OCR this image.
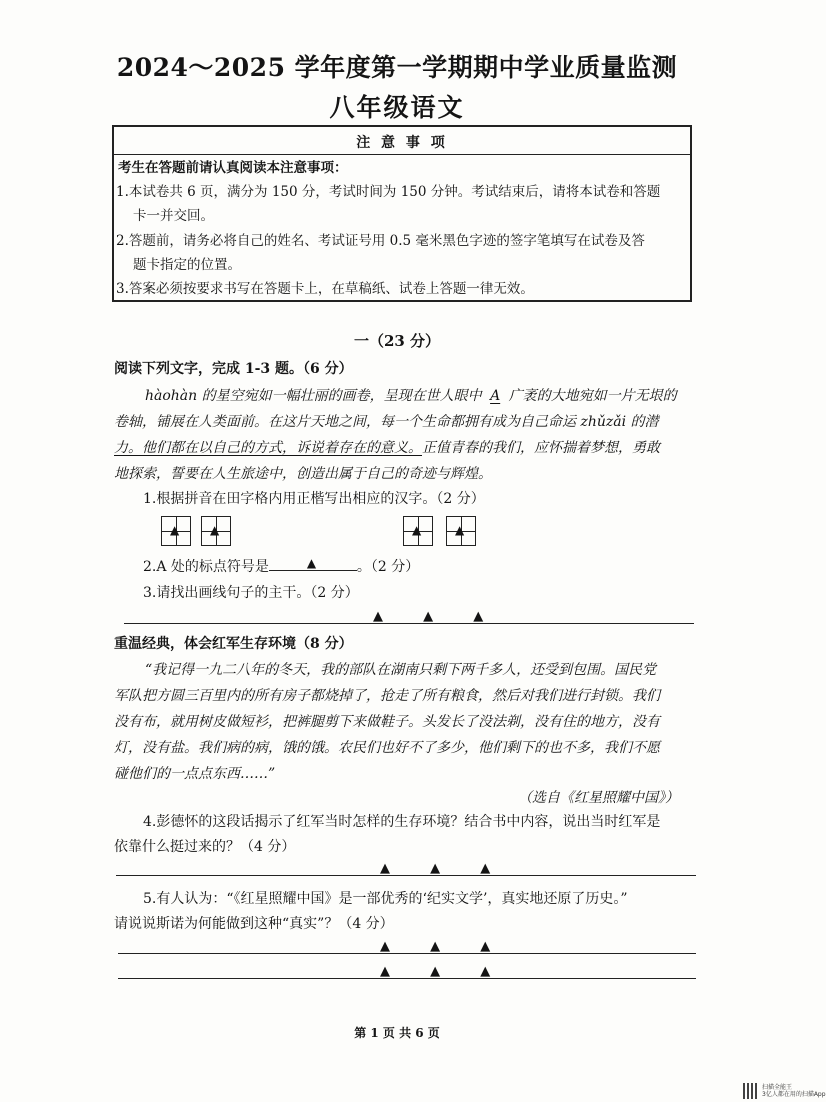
2024～2025 学年度第一学期期中学业质量监测
八年级语文
注 意 事 项
考生在答题前请认真阅读本注意事项：
1.本试卷共 6 页，满分为 150 分，考试时间为 150 分钟。考试结束后，请将本试卷和答题
卡一并交回。
2.答题前，请务必将自己的姓名、考试证号用 0.5 毫米黑色字迹的签字笔填写在试卷及答
题卡指定的位置。
3.答案必须按要求书写在答题卡上，在草稿纸、试卷上答题一律无效。
一（23 分）
阅读下列文字，完成 1-3 题。（6 分）
hàohàn 的星空宛如一幅壮丽的画卷，呈现在世人眼中 A 广袤的大地宛如一片无垠的
卷轴，铺展在人类面前。在这片天地之间，每一个生命都拥有成为自己命运 zhǔzǎi 的潜
力。他们都在以自己的方式，诉说着存在的意义。正值青春的我们，应怀揣着梦想，勇敢
地探索，誓要在人生旅途中，创造出属于自己的奇迹与辉煌。
1.根据拼音在田字格内用正楷写出相应的汉字。（2 分）
▲	▲	▲	▲
2.A 处的标点符号是	▲	。（2 分）
3.请找出画线句子的主干。（2 分）
▲ ▲ ▲
重温经典，体会红军生存环境（8 分）
“我记得一九二八年的冬天，我的部队在湖南只剩下两千多人，还受到包围。国民党
军队把方圆三百里内的所有房子都烧掉了，抢走了所有粮食，然后对我们进行封锁。我们
没有布，就用树皮做短衫，把裤腿剪下来做鞋子。头发长了没法剃，没有住的地方，没有
灯，没有盐。我们病的病，饿的饿。农民们也好不了多少，他们剩下的也不多，我们不愿
碰他们的一点点东西……”
（选自《红星照耀中国》）
4.彭德怀的这段话揭示了红军当时怎样的生存环境？结合书中内容，说出当时红军是
依靠什么挺过来的？（4 分）
▲ ▲ ▲
5.有人认为：“《红星照耀中国》是一部优秀的‘纪实文学’，真实地还原了历史。”
请说说斯诺为何能做到这种“真实”？（4 分）
▲ ▲ ▲
▲ ▲ ▲
第 1 页 共 6 页
扫描全能王
3亿人都在用的扫描App
